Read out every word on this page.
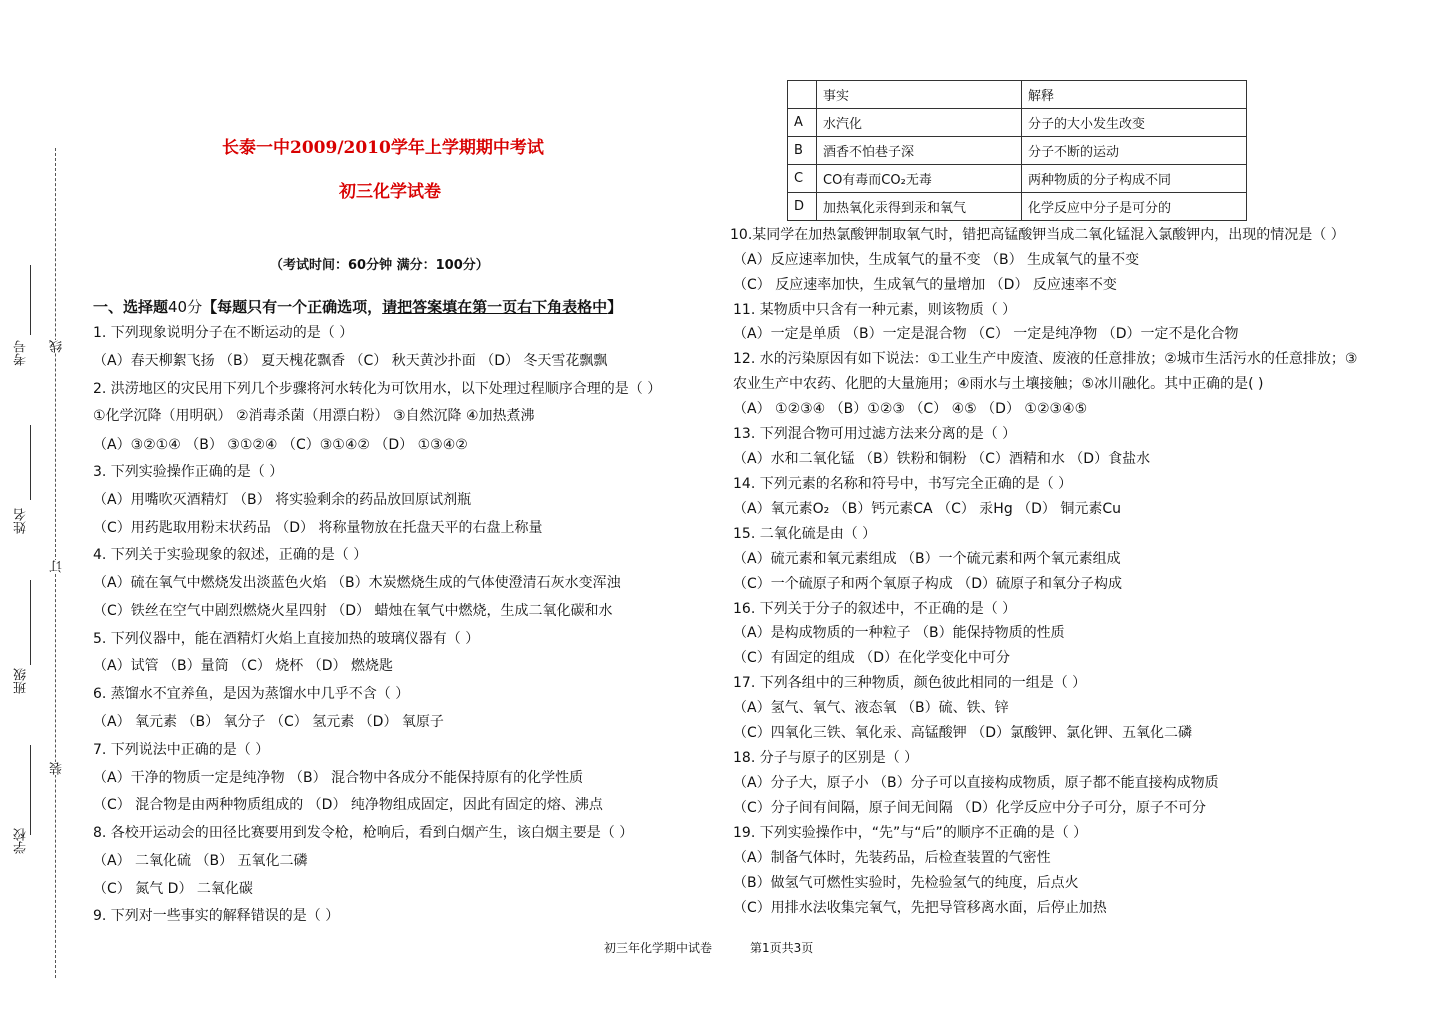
考号
姓名
班级
学校
线
订
装
长泰一中2009/2010学年上学期期中考试
初三化学试卷
（考试时间：60分钟 满分：100分）
一、选择题40分【每题只有一个正确选项，请把答案填在第一页右下角表格中】
1. 下列现象说明分子在不断运动的是（ ）
（A）春天柳絮飞扬 （B） 夏天槐花飘香 （C） 秋天黄沙扑面 （D） 冬天雪花飘飘
2. 洪涝地区的灾民用下列几个步骤将河水转化为可饮用水，以下处理过程顺序合理的是（ ）
①化学沉降（用明矾） ②消毒杀菌（用漂白粉） ③自然沉降 ④加热煮沸
（A）③②①④ （B） ③①②④ （C）③①④② （D） ①③④②
3. 下列实验操作正确的是（ ）
（A）用嘴吹灭酒精灯 （B） 将实验剩余的药品放回原试剂瓶
（C）用药匙取用粉末状药品 （D） 将称量物放在托盘天平的右盘上称量
4. 下列关于实验现象的叙述，正确的是（ ）
（A）硫在氧气中燃烧发出淡蓝色火焰 （B）木炭燃烧生成的气体使澄清石灰水变浑浊
（C）铁丝在空气中剧烈燃烧火星四射 （D） 蜡烛在氧气中燃烧，生成二氧化碳和水
5. 下列仪器中，能在酒精灯火焰上直接加热的玻璃仪器有（ ）
（A）试管 （B）量筒 （C） 烧杯 （D） 燃烧匙
6. 蒸馏水不宜养鱼，是因为蒸馏水中几乎不含（ ）
（A） 氧元素 （B） 氧分子 （C） 氢元素 （D） 氧原子
7. 下列说法中正确的是（ ）
（A）干净的物质一定是纯净物 （B） 混合物中各成分不能保持原有的化学性质
（C） 混合物是由两种物质组成的 （D） 纯净物组成固定，因此有固定的熔、沸点
8. 各校开运动会的田径比赛要用到发令枪，枪响后，看到白烟产生，该白烟主要是（ ）
（A） 二氧化硫 （B） 五氧化二磷
（C） 氮气 D） 二氧化碳
9. 下列对一些事实的解释错误的是（ ）
	事实	解释
A	水汽化	分子的大小发生改变
B	酒香不怕巷子深	分子不断的运动
C	CO有毒而CO₂无毒	两种物质的分子构成不同
D	加热氧化汞得到汞和氧气	化学反应中分子是可分的
10.某同学在加热氯酸钾制取氧气时，错把高锰酸钾当成二氧化锰混入氯酸钾内，出现的情况是（ ）
（A）反应速率加快，生成氧气的量不变 （B） 生成氧气的量不变
（C） 反应速率加快，生成氧气的量增加 （D） 反应速率不变
11. 某物质中只含有一种元素，则该物质（ ）
（A）一定是单质 （B）一定是混合物 （C） 一定是纯净物 （D）一定不是化合物
12. 水的污染原因有如下说法：①工业生产中废渣、废液的任意排放；②城市生活污水的任意排放；③
农业生产中农药、化肥的大量施用；④雨水与土壤接触；⑤冰川融化。其中正确的是( )
（A） ①②③④ （B）①②③ （C） ④⑤ （D） ①②③④⑤
13. 下列混合物可用过滤方法来分离的是（ ）
（A）水和二氧化锰 （B）铁粉和铜粉 （C）酒精和水 （D）食盐水
14. 下列元素的名称和符号中，书写完全正确的是（ ）
（A）氧元素O₂ （B）钙元素CA （C） 汞Hg （D） 铜元素Cu
15. 二氧化硫是由（ ）
（A）硫元素和氧元素组成 （B）一个硫元素和两个氧元素组成
（C）一个硫原子和两个氧原子构成 （D）硫原子和氧分子构成
16. 下列关于分子的叙述中，不正确的是（ ）
（A）是构成物质的一种粒子 （B）能保持物质的性质
（C）有固定的组成 （D）在化学变化中可分
17. 下列各组中的三种物质，颜色彼此相同的一组是（ ）
（A）氢气、氧气、液态氧 （B）硫、铁、锌
（C）四氧化三铁、氧化汞、高锰酸钾 （D）氯酸钾、氯化钾、五氧化二磷
18. 分子与原子的区别是（ ）
（A）分子大，原子小 （B）分子可以直接构成物质，原子都不能直接构成物质
（C）分子间有间隔，原子间无间隔 （D）化学反应中分子可分，原子不可分
19. 下列实验操作中，“先”与“后”的顺序不正确的是（ ）
（A）制备气体时，先装药品，后检查装置的气密性
（B）做氢气可燃性实验时，先检验氢气的纯度，后点火
（C）用排水法收集完氧气，先把导管移离水面，后停止加热
初三年化学期中试卷	第1页共3页
